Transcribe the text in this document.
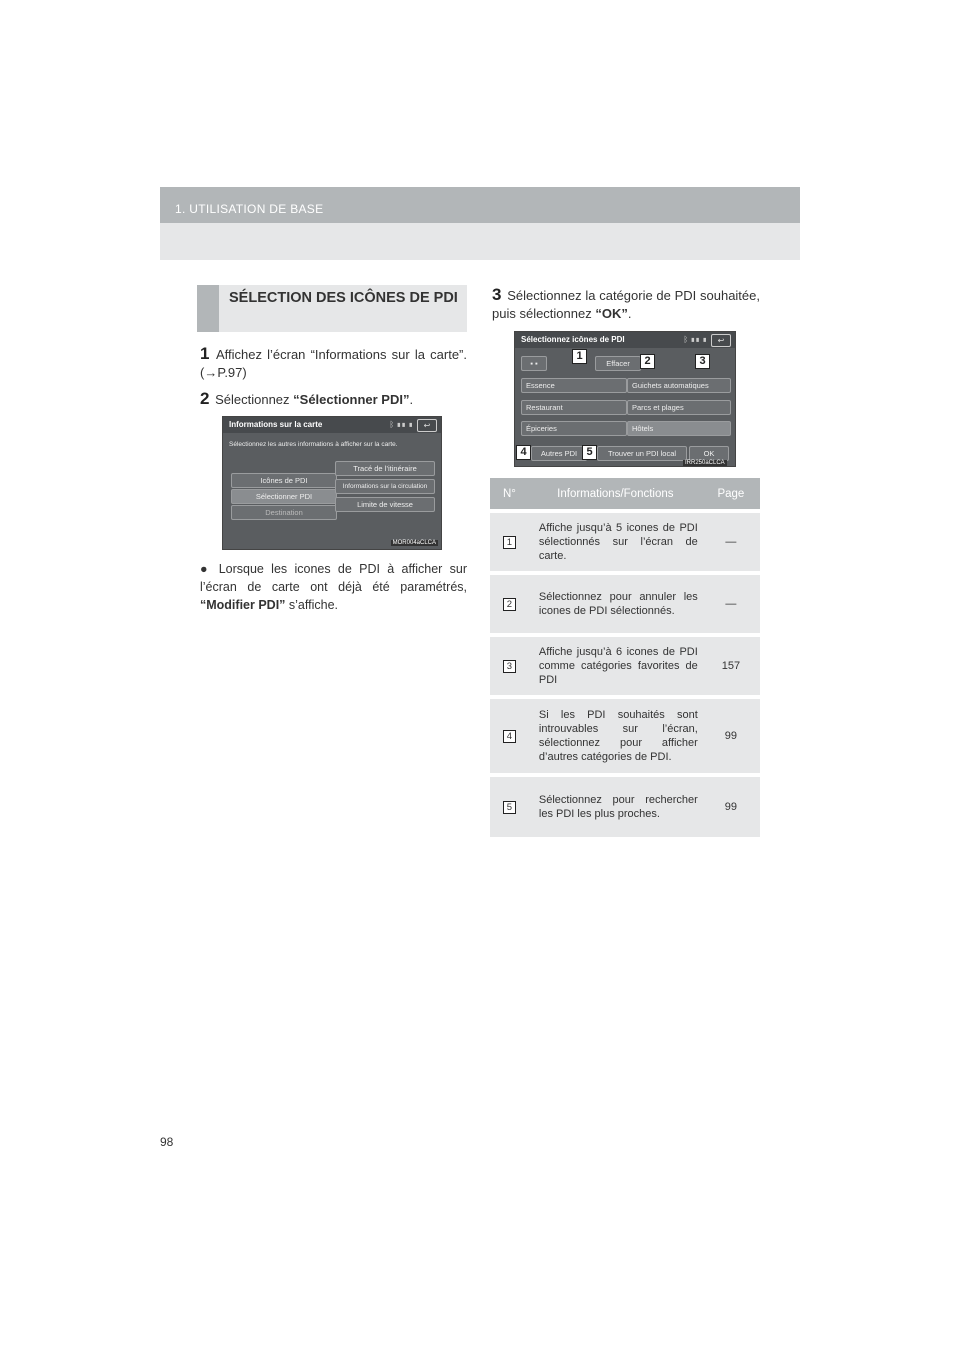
1. UTILISATION DE BASE
SÉLECTION DES ICÔNES DE PDI
1 Affichez l’écran “Informations sur la carte”. (→P.97)
2 Sélectionnez “Sélectionner PDI”.
Informations sur la carte	ᛒ ▮▮ ▮	↩
Sélectionnez les autres informations à afficher sur la carte.
Icônes de PDI
Sélectionner PDI
Destination
Tracé de l’itinéraire
Informations sur la circulation
Limite de vitesse
MOR004aCLCA
● Lorsque les icones de PDI à afficher sur l’écran de carte ont déjà été paramétrés, “Modifier PDI” s’affiche.
3 Sélectionnez la catégorie de PDI souhaitée, puis sélectionnez “OK”.
Sélectionnez icônes de PDI	ᛒ ▮▮ ▮	↩
▪ ▪	Effacer
Essence	Guichets automatiques
Restaurant	Parcs et plages
Épiceries	Hôtels
Autres PDI	Trouver un PDI local	OK
IRR250aCLCA
1	2	3
4	5
N°	Informations/Fonctions	Page
1	Affiche jusqu’à 5 icones de PDI sélectionnés sur l’écran de carte.	—
2	Sélectionnez pour annuler les icones de PDI sélectionnés.	—
3	Affiche jusqu’à 6 icones de PDI comme catégories favorites de PDI	157
4	Si les PDI souhaités sont introuvables sur l’écran, sélectionnez pour afficher d’autres catégories de PDI.	99
5	Sélectionnez pour rechercher les PDI les plus proches.	99
98
